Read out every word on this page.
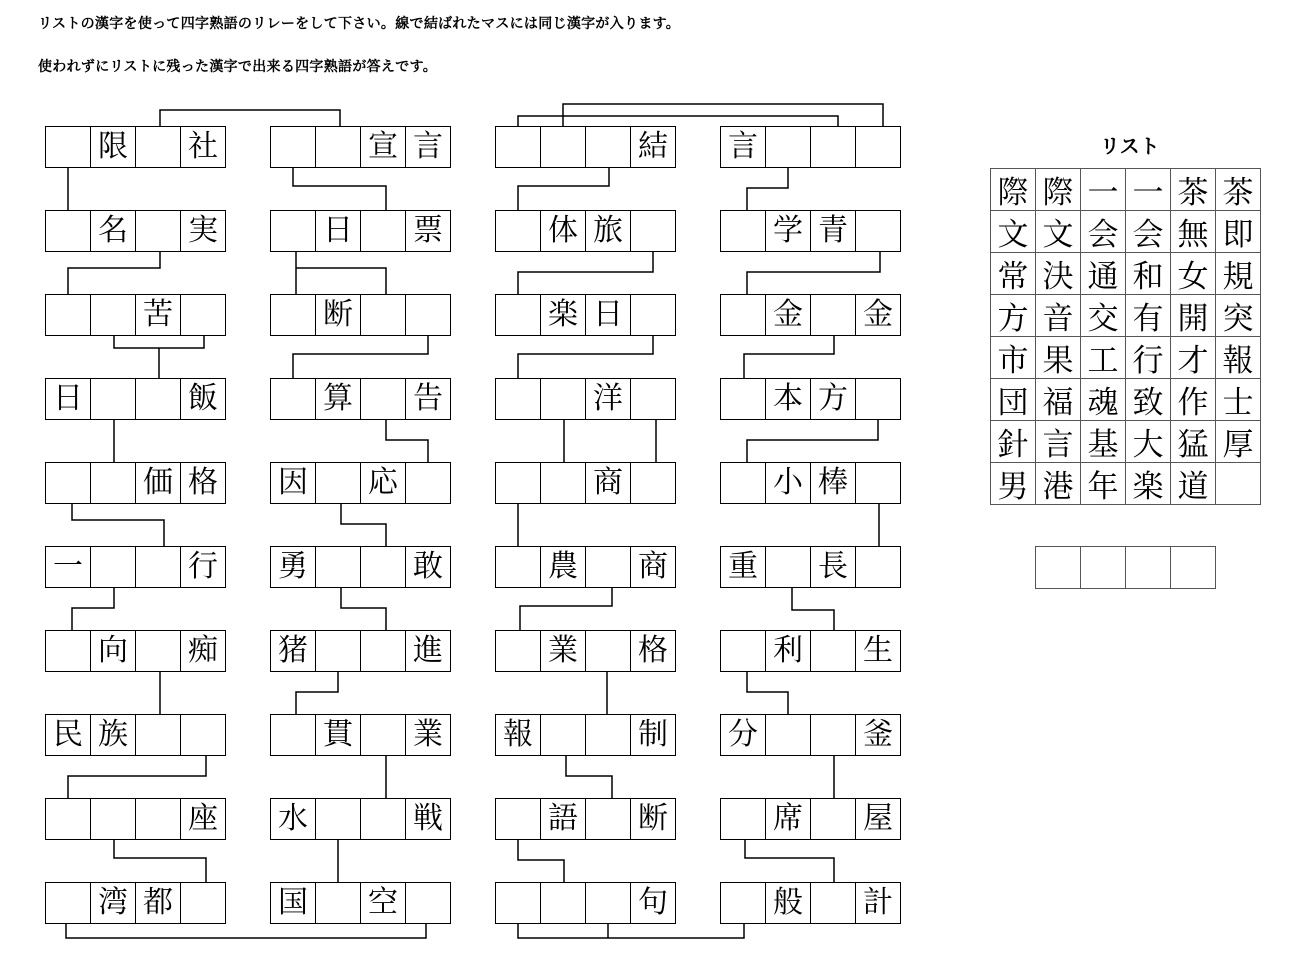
リストの漢字を使って四字熟語のリレーをして下さい。線で結ばれたマスには同じ漢字が入ります。
使われずにリストに残った漢字で出来る四字熟語が答えです。
限 社
名 実
苦
日	飯
価 格
一	行
向 痴
民 族
座
湾 都
宣 言
日 票
断
算 告
因 応
勇	敢
猪	進
貫 業
水	戦
国 空
結
体 旅
楽 日
洋
商
農 商
業 格
報	制
語 断
句
言
学 青
金 金
本 方
小 棒
重 長
利 生
分	釜
席 屋
般 計
リスト
際 際 一 一 茶 茶
文 文 会 会 無 即
常 決 通 和 女 規
方 音 交 有 開 突
市 果 工 行 才 報
団 福 魂 致 作 士
針 言 基 大 猛 厚
男 港 年 楽 道
